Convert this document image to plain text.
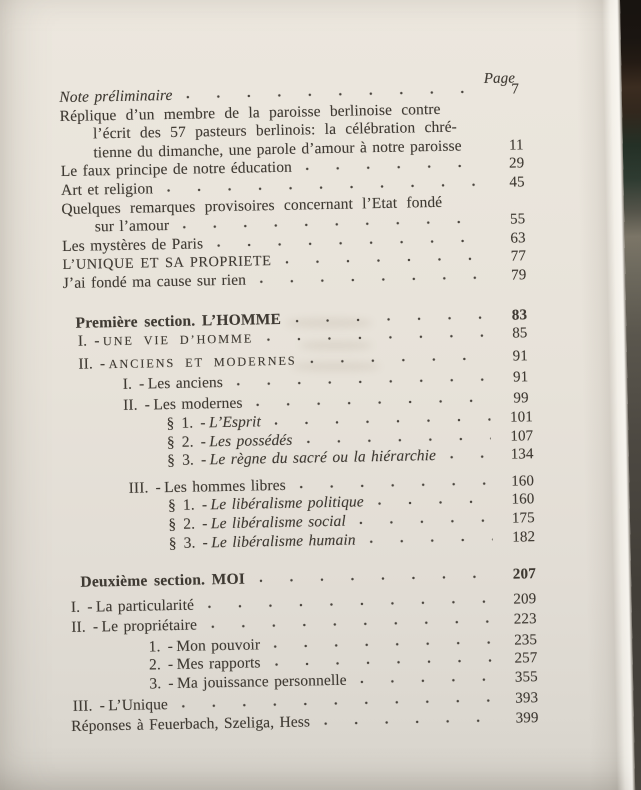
Page
Note préliminaire	7
Réplique d’un membre de la paroisse berlinoise contre
l’écrit des 57 pasteurs berlinois: la célébration chré-
tienne du dimanche, une parole d’amour à notre paroisse	11
Le faux principe de notre éducation	29
Art et religion	45
Quelques remarques provisoires concernant l’Etat fondé
sur l’amour	55
Les mystères de Paris	63
L’UNIQUE ET SA PROPRIETE	77
J’ai fondé ma cause sur rien	79
Première section. L’HOMME	83
I. - UNE VIE D’HOMME	85
II. - ANCIENS ET MODERNES	91
I. - Les anciens	91
II. - Les modernes	99
§ 1. - L’Esprit	101
§ 2. - Les possédés	107
§ 3. - Le règne du sacré ou la hiérarchie	134
III. - Les hommes libres	160
§ 1. - Le libéralisme politique	160
§ 2. - Le libéralisme social	175
§ 3. - Le libéralisme humain	182
Deuxième section. MOI	207
I. - La particularité	209
II. - Le propriétaire	223
1. - Mon pouvoir	235
2. - Mes rapports	257
3. - Ma jouissance personnelle	355
III. - L’Unique	393
Réponses à Feuerbach, Szeliga, Hess	399
